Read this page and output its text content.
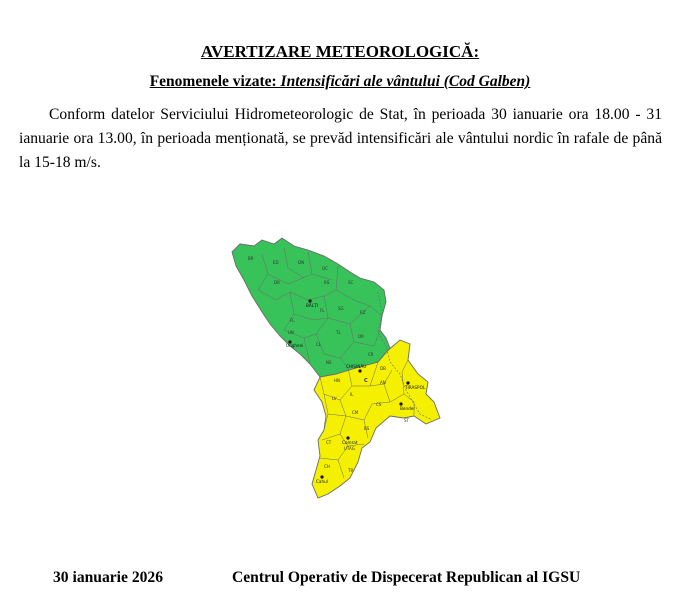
AVERTIZARE METEOROLOGICĂ:
Fenomenele vizate: Intensificări ale vântului (Cod Galben)
Conform datelor Serviciului Hidrometeorologic de Stat, în perioada 30 ianuarie ora 18.00 - 31 ianuarie ora 13.00, în perioada menționată, se prevăd intensificări ale vântului nordic în rafale de până la 15-18 m/s.
BĂLȚI
CHIȘINĂU
TIRASPOL
Bender
Comrat
Cahul
Ungheni
BR
ED	DN
OC
SC
RS
DR
FL
FL
SG
RZ
TL
CL
OR
UN
NS
CR
DB
HN	AN
IL
CS
CM
ST
LV
CT
UTAG
CH
TR
BS
C
30 ianuarie 2026	Centrul Operativ de Dispecerat Republican al IGSU
